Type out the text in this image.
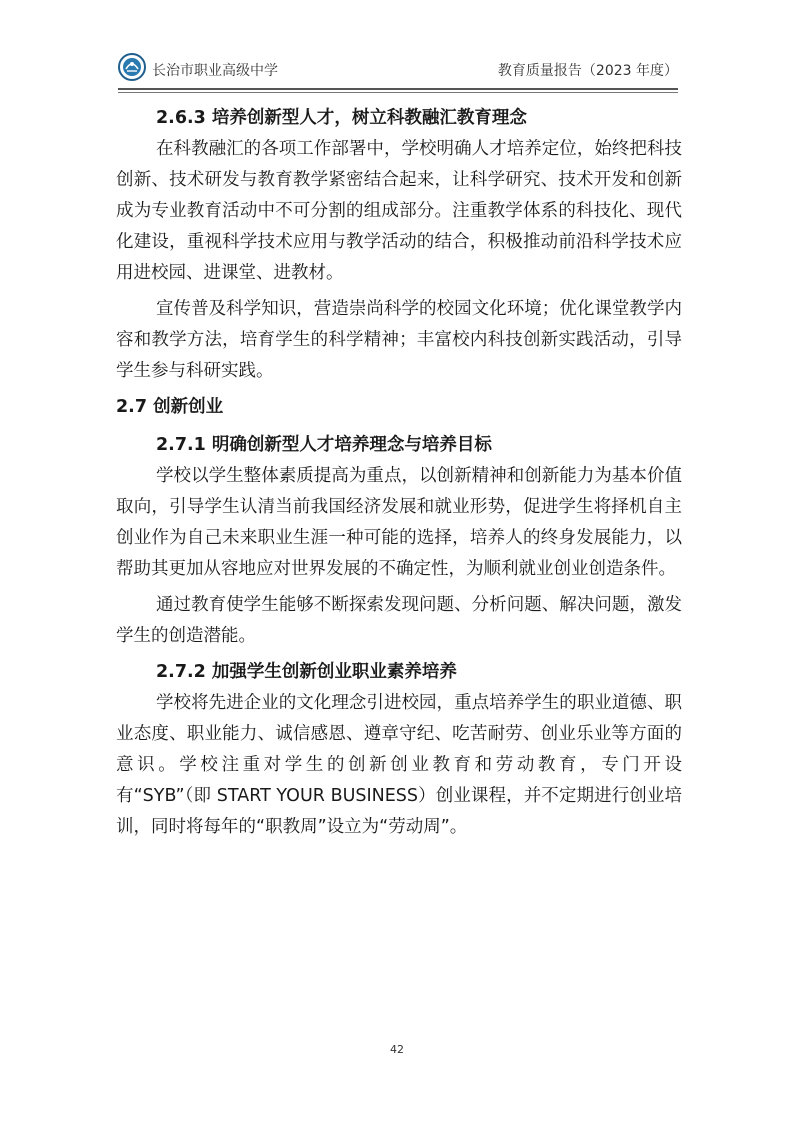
长治市职业高级中学	教育质量报告（2023 年度）

2.6.3 培养创新型人才，树立科教融汇教育理念

在科教融汇的各项工作部署中，学校明确人才培养定位，始终把科技创新、技术研发与教育教学紧密结合起来，让科学研究、技术开发和创新成为专业教育活动中不可分割的组成部分。注重教学体系的科技化、现代化建设，重视科学技术应用与教学活动的结合，积极推动前沿科学技术应用进校园、进课堂、进教材。

宣传普及科学知识，营造崇尚科学的校园文化环境；优化课堂教学内容和教学方法，培育学生的科学精神；丰富校内科技创新实践活动，引导学生参与科研实践。

2.7 创新创业

2.7.1 明确创新型人才培养理念与培养目标

学校以学生整体素质提高为重点，以创新精神和创新能力为基本价值取向，引导学生认清当前我国经济发展和就业形势，促进学生将择机自主创业作为自己未来职业生涯一种可能的选择，培养人的终身发展能力，以帮助其更加从容地应对世界发展的不确定性，为顺利就业创业创造条件。

通过教育使学生能够不断探索发现问题、分析问题、解决问题，激发学生的创造潜能。

2.7.2 加强学生创新创业职业素养培养

学校将先进企业的文化理念引进校园，重点培养学生的职业道德、职业态度、职业能力、诚信感恩、遵章守纪、吃苦耐劳、创业乐业等方面的意识。学校注重对学生的创新创业教育和劳动教育，专门开设有“SYB”（即 START YOUR BUSINESS）创业课程，并不定期进行创业培训，同时将每年的“职教周”设立为“劳动周”。

42
